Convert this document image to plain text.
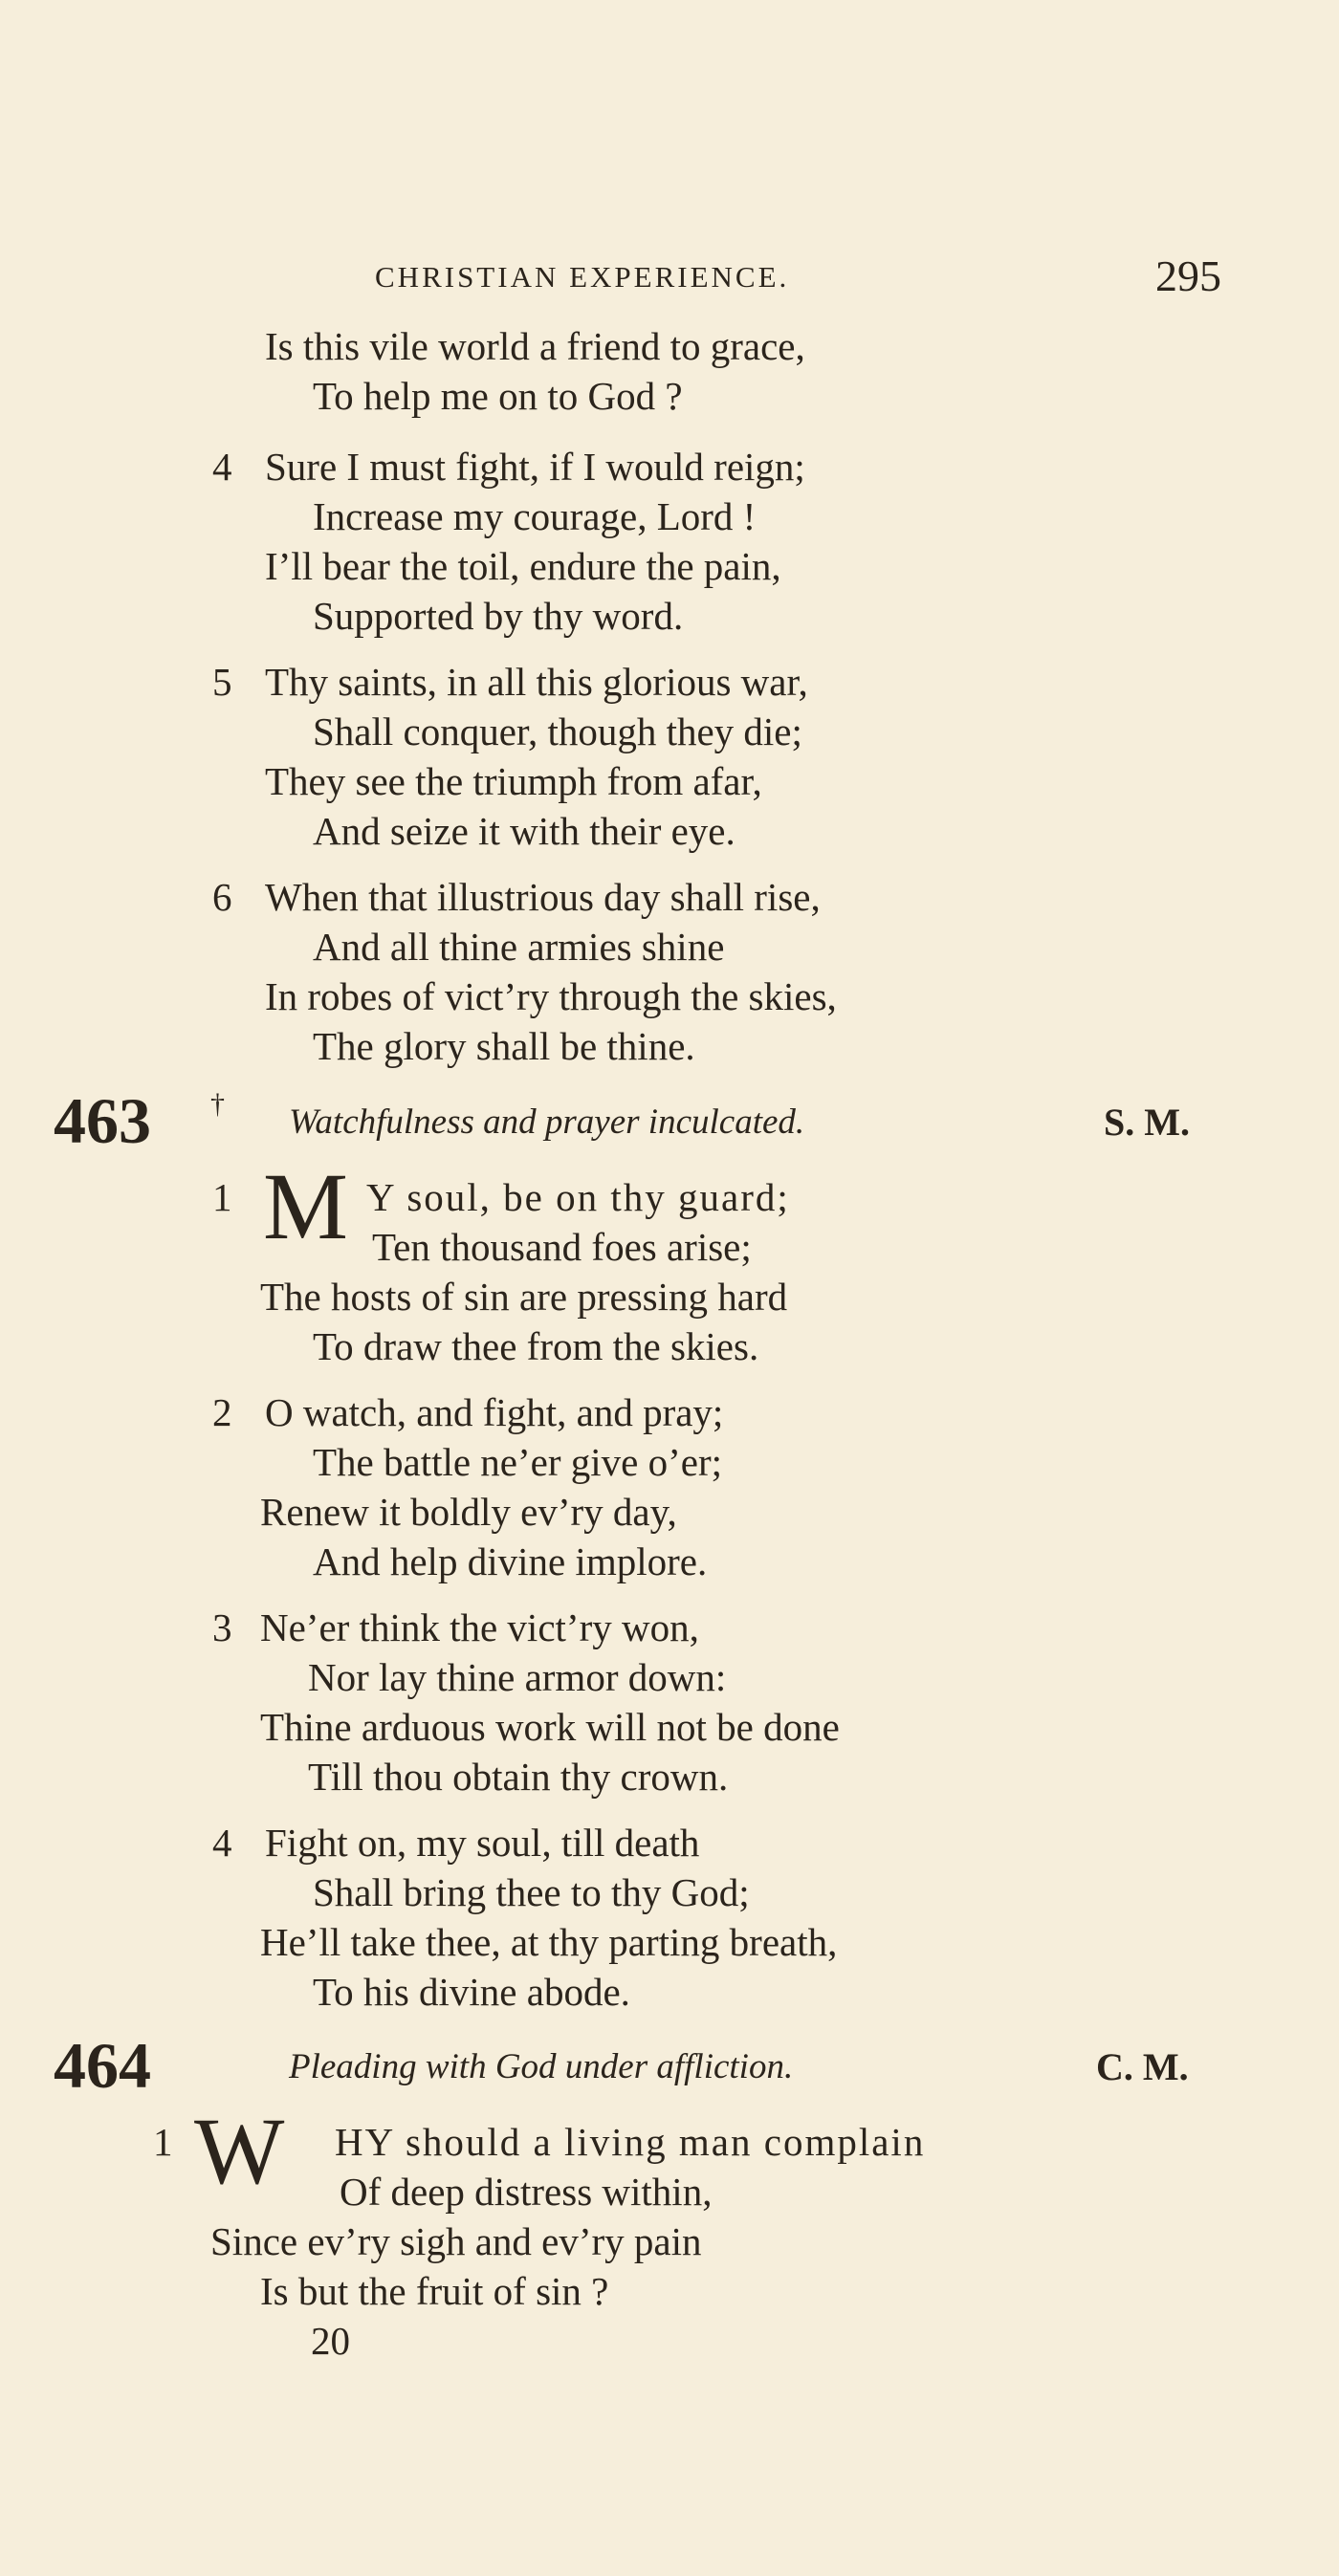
CHRISTIAN EXPERIENCE.	295
Is this vile world a friend to grace,
To help me on to God ?
4 Sure I must fight, if I would reign;
Increase my courage, Lord !
I’ll bear the toil, endure the pain,
Supported by thy word.
5 Thy saints, in all this glorious war,
Shall conquer, though they die;
They see the triumph from afar,
And seize it with their eye.
6 When that illustrious day shall rise,
And all thine armies shine
In robes of vict’ry through the skies,
The glory shall be thine.
463 † Watchfulness and prayer inculcated.	S. M.
1 M Y soul, be on thy guard;
Ten thousand foes arise;
The hosts of sin are pressing hard
To draw thee from the skies.
2 O watch, and fight, and pray;
The battle ne’er give o’er;
Renew it boldly ev’ry day,
And help divine implore.
3 Ne’er think the vict’ry won,
Nor lay thine armor down:
Thine arduous work will not be done
Till thou obtain thy crown.
4 Fight on, my soul, till death
Shall bring thee to thy God;
He’ll take thee, at thy parting breath,
To his divine abode.
464	Pleading with God under affliction.	C. M.
1 W HY should a living man complain
Of deep distress within,
Since ev’ry sigh and ev’ry pain
Is but the fruit of sin ?
20
